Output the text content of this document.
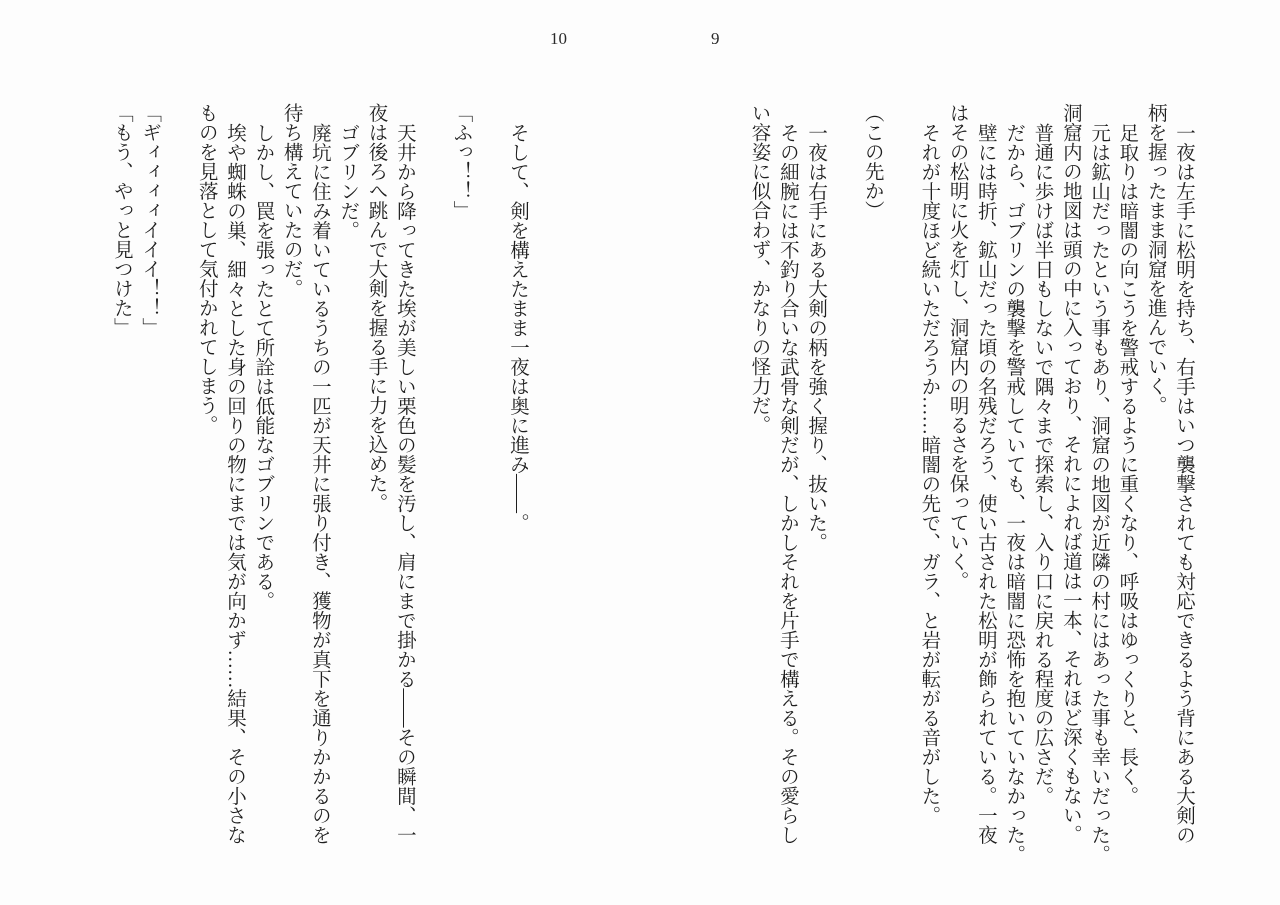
10	9
そして、剣を構えたまま一夜は奥に進み――。
「ふっ！！」
天井から降ってきた埃が美しい栗色の髪を汚し、肩にまで掛かる――その瞬間、一
夜は後ろへ跳んで大剣を握る手に力を込めた。
ゴブリンだ。
廃坑に住み着いているうちの一匹が天井に張り付き、獲物が真下を通りかかるのを
待ち構えていたのだ。
しかし、罠を張ったとて所詮は低能なゴブリンである。
埃や蜘蛛の巣、細々とした身の回りの物にまでは気が向かず……結果、その小さな
ものを見落として気付かれてしまう。
「ギィィィィイイイ！！」
「もう、やっと見つけた」	一夜は左手に松明を持ち、右手はいつ襲撃されても対応できるよう背にある大剣の
柄を握ったまま洞窟を進んでいく。
足取りは暗闇の向こうを警戒するように重くなり、呼吸はゆっくりと、長く。
元は鉱山だったという事もあり、洞窟の地図が近隣の村にはあった事も幸いだった。
洞窟内の地図は頭の中に入っており、それによれば道は一本、それほど深くもない。
普通に歩けば半日もしないで隅々まで探索し、入り口に戻れる程度の広さだ。
だから、ゴブリンの襲撃を警戒していても、一夜は暗闇に恐怖を抱いていなかった。
壁には時折、鉱山だった頃の名残だろう、使い古された松明が飾られている。一夜
はその松明に火を灯し、洞窟内の明るさを保っていく。
それが十度ほど続いただろうか……暗闇の先で、ガラ、と岩が転がる音がした。
（この先か）
一夜は右手にある大剣の柄を強く握り、抜いた。
その細腕には不釣り合いな武骨な剣だが、しかしそれを片手で構える。その愛らし
い容姿に似合わず、かなりの怪力だ。
